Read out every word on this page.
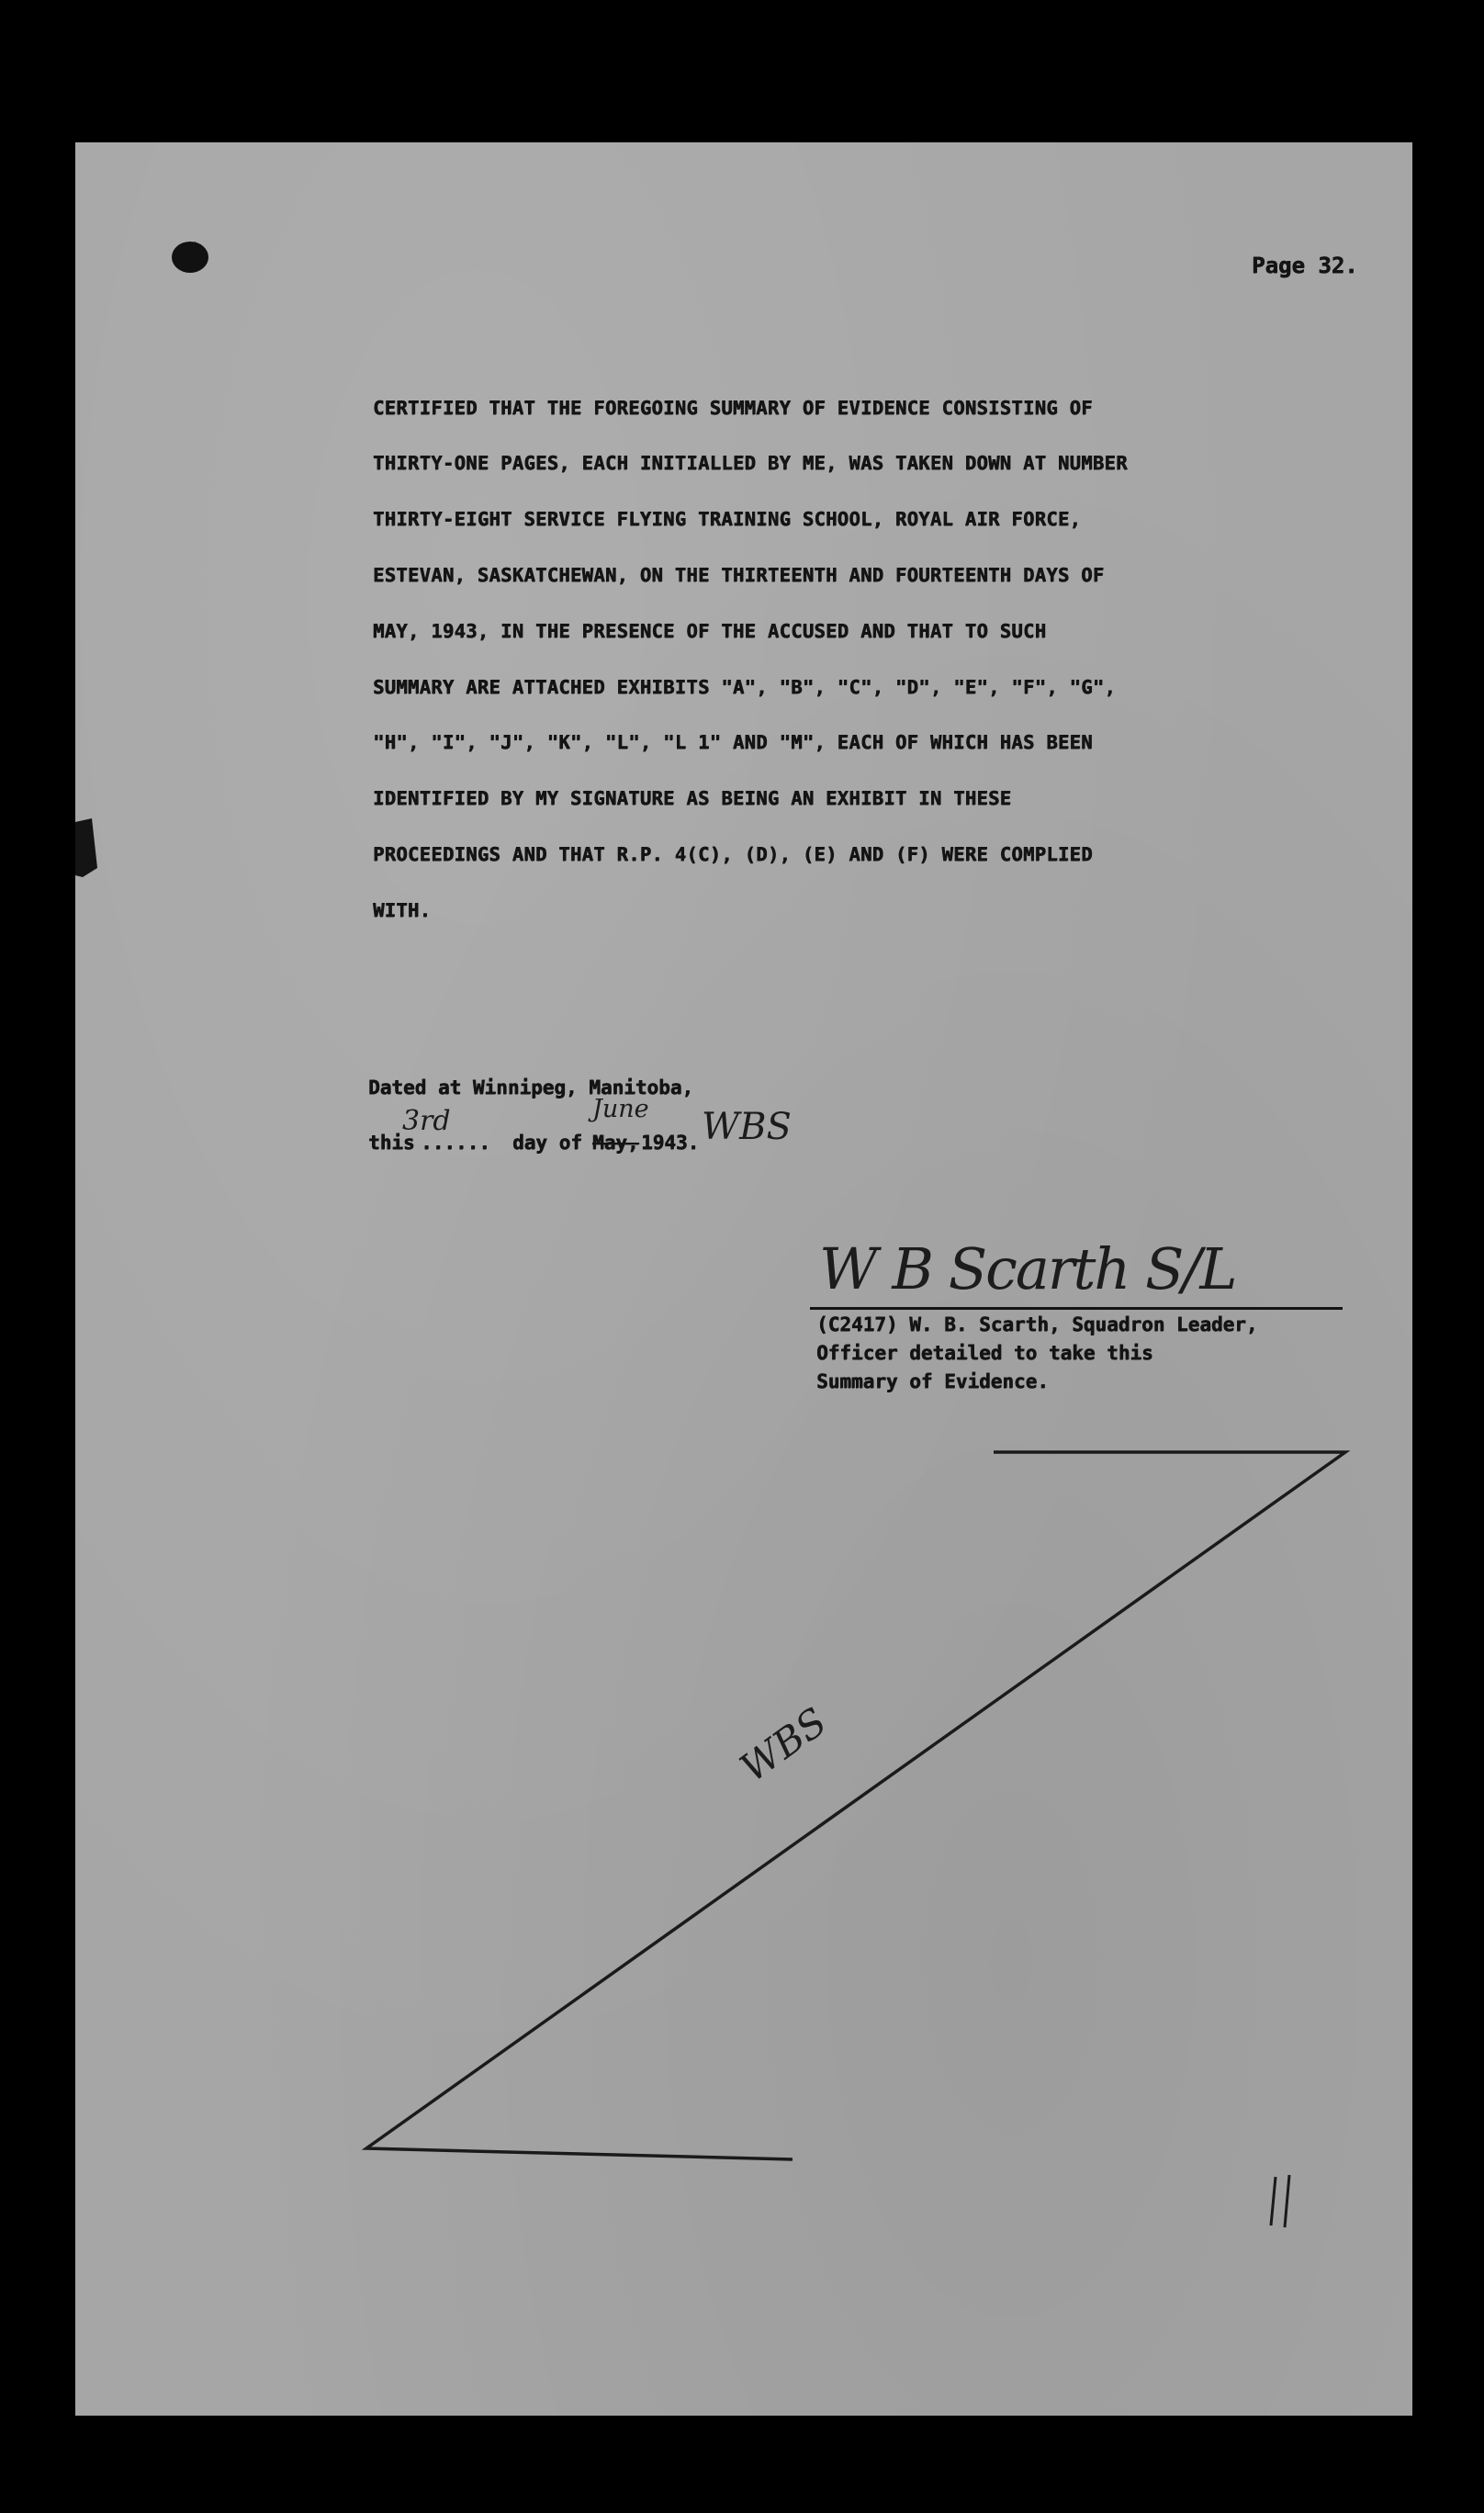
Page 32.
CERTIFIED THAT THE FOREGOING SUMMARY OF EVIDENCE CONSISTING OF
THIRTY-ONE PAGES, EACH INITIALLED BY ME, WAS TAKEN DOWN AT NUMBER
THIRTY-EIGHT SERVICE FLYING TRAINING SCHOOL, ROYAL AIR FORCE,
ESTEVAN, SASKATCHEWAN, ON THE THIRTEENTH AND FOURTEENTH DAYS OF
MAY, 1943, IN THE PRESENCE OF THE ACCUSED AND THAT TO SUCH
SUMMARY ARE ATTACHED EXHIBITS "A", "B", "C", "D", "E", "F", "G",
"H", "I", "J", "K", "L", "L 1" AND "M", EACH OF WHICH HAS BEEN
IDENTIFIED BY MY SIGNATURE AS BEING AN EXHIBIT IN THESE
PROCEEDINGS AND THAT R.P. 4(C), (D), (E) AND (F) WERE COMPLIED
WITH.
Dated at Winnipeg, Manitoba,
this ...... day of May, 1943.
3rd	June WBS
W B Scarth S/L
(C2417) W. B. Scarth, Squadron Leader,
Officer detailed to take this
Summary of Evidence.
WBS
